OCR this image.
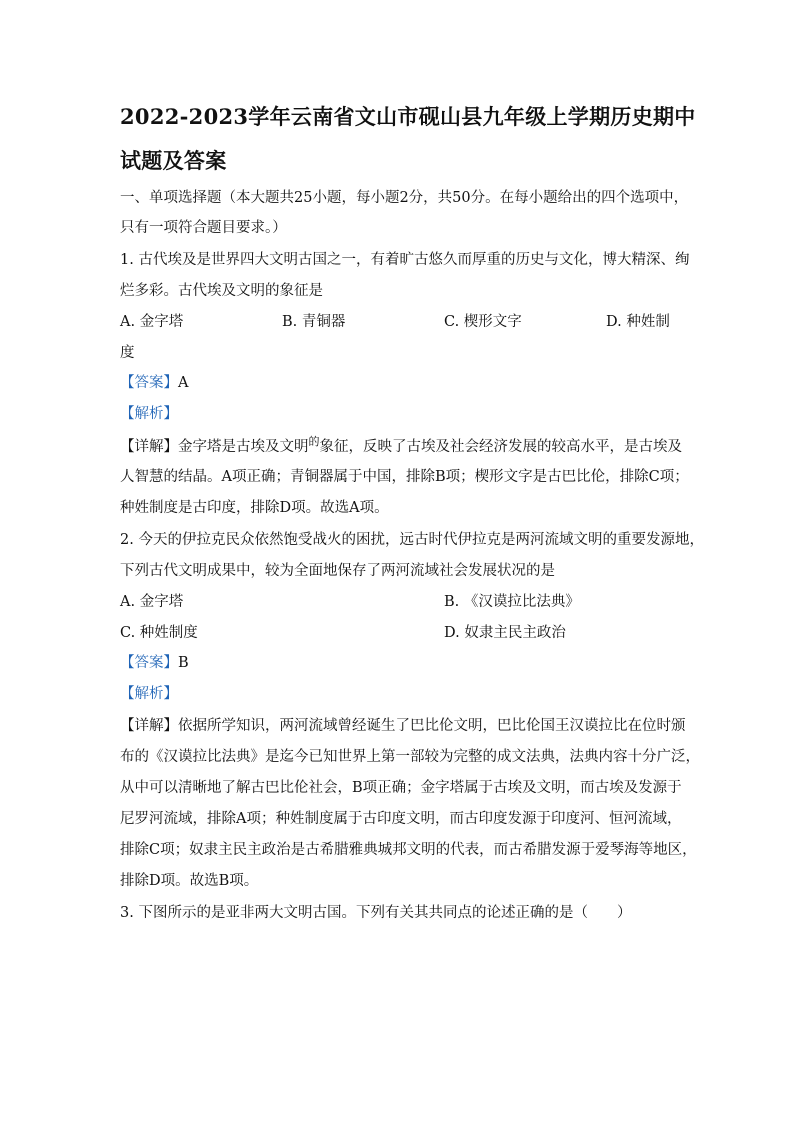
2022-2023学年云南省文山市砚山县九年级上学期历史期中
试题及答案
一、单项选择题（本大题共25小题，每小题2分，共50分。在每小题给出的四个选项中，
只有一项符合题目要求。）
1. 古代埃及是世界四大文明古国之一，有着旷古悠久而厚重的历史与文化，博大精深、绚
烂多彩。古代埃及文明的象征是
A. 金字塔	B. 青铜器	C. 楔形文字	D. 种姓制
度
【答案】A
【解析】
【详解】金字塔是古埃及文明$^的$象征，反映了古埃及社会经济发展的较高水平，是古埃及
人智慧的结晶。A项正确；青铜器属于中国，排除B项；楔形文字是古巴比伦，排除C项；
种姓制度是古印度，排除D项。故选A项。
2. 今天的伊拉克民众依然饱受战火的困扰，远古时代伊拉克是两河流域文明的重要发源地，
下列古代文明成果中，较为全面地保存了两河流域社会发展状况的是
A. 金字塔	B. 《汉谟拉比法典》
C. 种姓制度	D. 奴隶主民主政治
【答案】B
【解析】
【详解】依据所学知识，两河流域曾经诞生了巴比伦文明，巴比伦国王汉谟拉比在位时颁
布的《汉谟拉比法典》是迄今已知世界上第一部较为完整的成文法典，法典内容十分广泛，
从中可以清晰地了解古巴比伦社会，B项正确；金字塔属于古埃及文明，而古埃及发源于
尼罗河流域，排除A项；种姓制度属于古印度文明，而古印度发源于印度河、恒河流域，
排除C项；奴隶主民主政治是古希腊雅典城邦文明的代表，而古希腊发源于爱琴海等地区，
排除D项。故选B项。
3. 下图所示的是亚非两大文明古国。下列有关其共同点的论述正确的是（　　）
